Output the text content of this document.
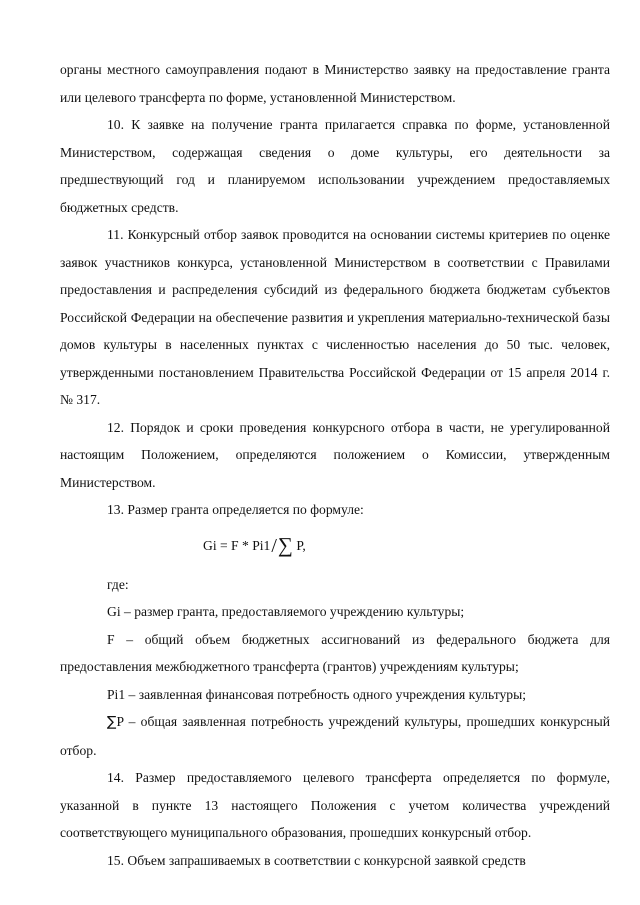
органы местного самоуправления подают в Министерство заявку на предоставление гранта или целевого трансферта по форме, установленной Министерством.

10. К заявке на получение гранта прилагается справка по форме, установленной Министерством, содержащая сведения о доме культуры, его деятельности за предшествующий год и планируемом использовании учреждением предоставляемых бюджетных средств.

11. Конкурсный отбор заявок проводится на основании системы критериев по оценке заявок участников конкурса, установленной Министерством в соответствии с Правилами предоставления и распределения субсидий из федерального бюджета бюджетам субъектов Российской Федерации на обеспечение развития и укрепления материально-технической базы домов культуры в населенных пунктах с численностью населения до 50 тыс. человек, утвержденными постановлением Правительства Российской Федерации от 15 апреля 2014 г. № 317.

12. Порядок и сроки проведения конкурсного отбора в части, не урегулированной настоящим Положением, определяются положением о Комиссии, утвержденным Министерством.

13. Размер гранта определяется по формуле:

Gi = F * Pi1/∑ P,

где:

Gi – размер гранта, предоставляемого учреждению культуры;

F – общий объем бюджетных ассигнований из федерального бюджета для предоставления межбюджетного трансферта (грантов) учреждениям культуры;

Pi1 – заявленная финансовая потребность одного учреждения культуры;

∑P – общая заявленная потребность учреждений культуры, прошедших конкурсный отбор.

14. Размер предоставляемого целевого трансферта определяется по формуле, указанной в пункте 13 настоящего Положения с учетом количества учреждений соответствующего муниципального образования, прошедших конкурсный отбор.

15. Объем запрашиваемых в соответствии с конкурсной заявкой средств
